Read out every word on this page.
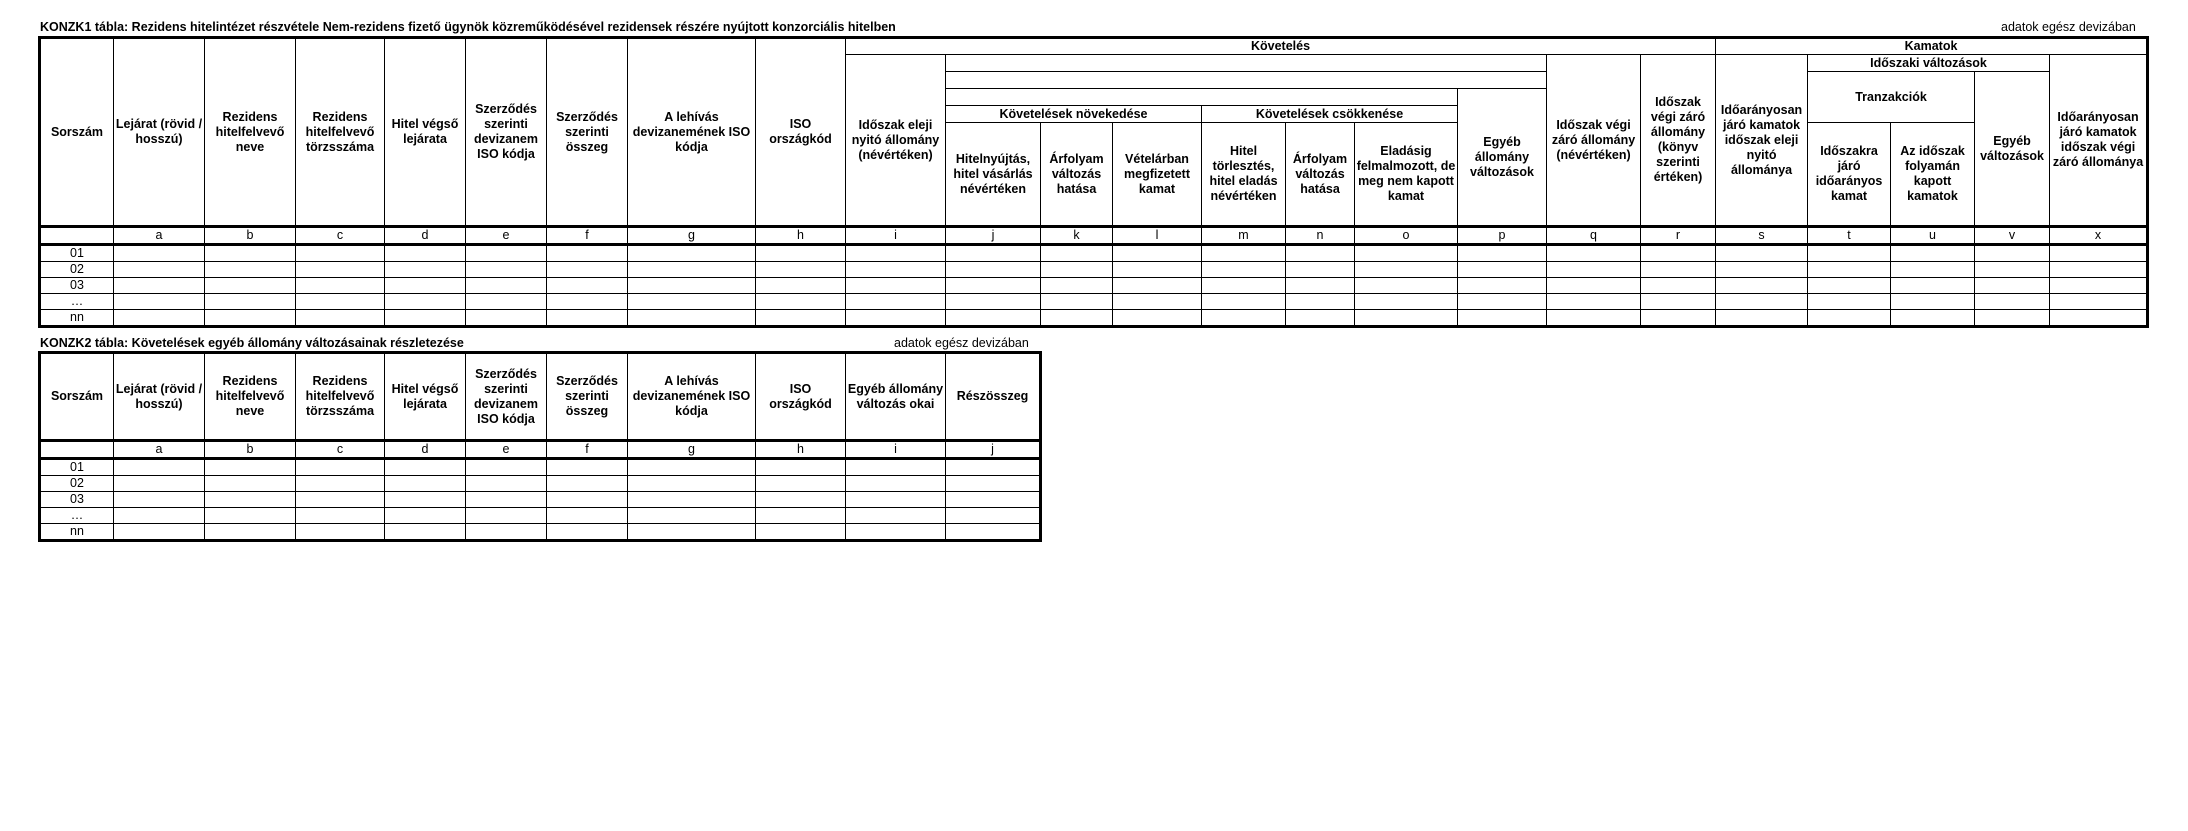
KONZK1 tábla: Rezidens hitelintézet részvétele Nem-rezidens fizető ügynök közreműködésével rezidensek részére nyújtott konzorciális hitelben	adatok egész devizában
Sorszám	Lejárat (rövid / hosszú)	Rezidens hitelfelvevő neve	Rezidens hitelfelvevő törzsszáma	Hitel végső lejárata	Szerződés szerinti devizanem ISO kódja	Szerződés szerinti összeg	A lehívás devizanemének ISO kódja	ISO országkód	Követelés										Kamatok				
									Időszak eleji nyitó állomány (névértéken)								Időszak végi záró állomány (névértéken)	Időszak végi záró állomány (könyv szerinti értéken)	Időarányosan járó kamatok időszak eleji nyitó állománya	Időszaki változások			Időarányosan járó kamatok időszak végi záró állománya
																				Tranzakciók		Egyéb változások	
																Egyéb állomány változások							
										Követelések növekedése			Követelések csökkenése										
										Hitelnyújtás, hitel vásárlás névértéken	Árfolyam változás hatása	Vételárban megfizetett kamat	Hitel törlesztés, hitel eladás névértéken	Árfolyam változás hatása	Eladásig felmalmozott, de meg nem kapott kamat					Időszakra járó időarányos kamat	Az időszak folyamán kapott kamatok		
	a	b	c	d	e	f	g	h	i	j	k	l	m	n	o	p	q	r	s	t	u	v	x
01																							
02																							
03																							
…																							
nn																							
KONZK2 tábla: Követelések egyéb állomány változásainak részletezése	adatok egész devizában
Sorszám	Lejárat (rövid / hosszú)	Rezidens hitelfelvevő neve	Rezidens hitelfelvevő törzsszáma	Hitel végső lejárata	Szerződés szerinti devizanem ISO kódja	Szerződés szerinti összeg	A lehívás devizanemének ISO kódja	ISO országkód	Egyéb állomány változás okai	Részösszeg
	a	b	c	d	e	f	g	h	i	j
01										
02										
03										
…										
nn										
